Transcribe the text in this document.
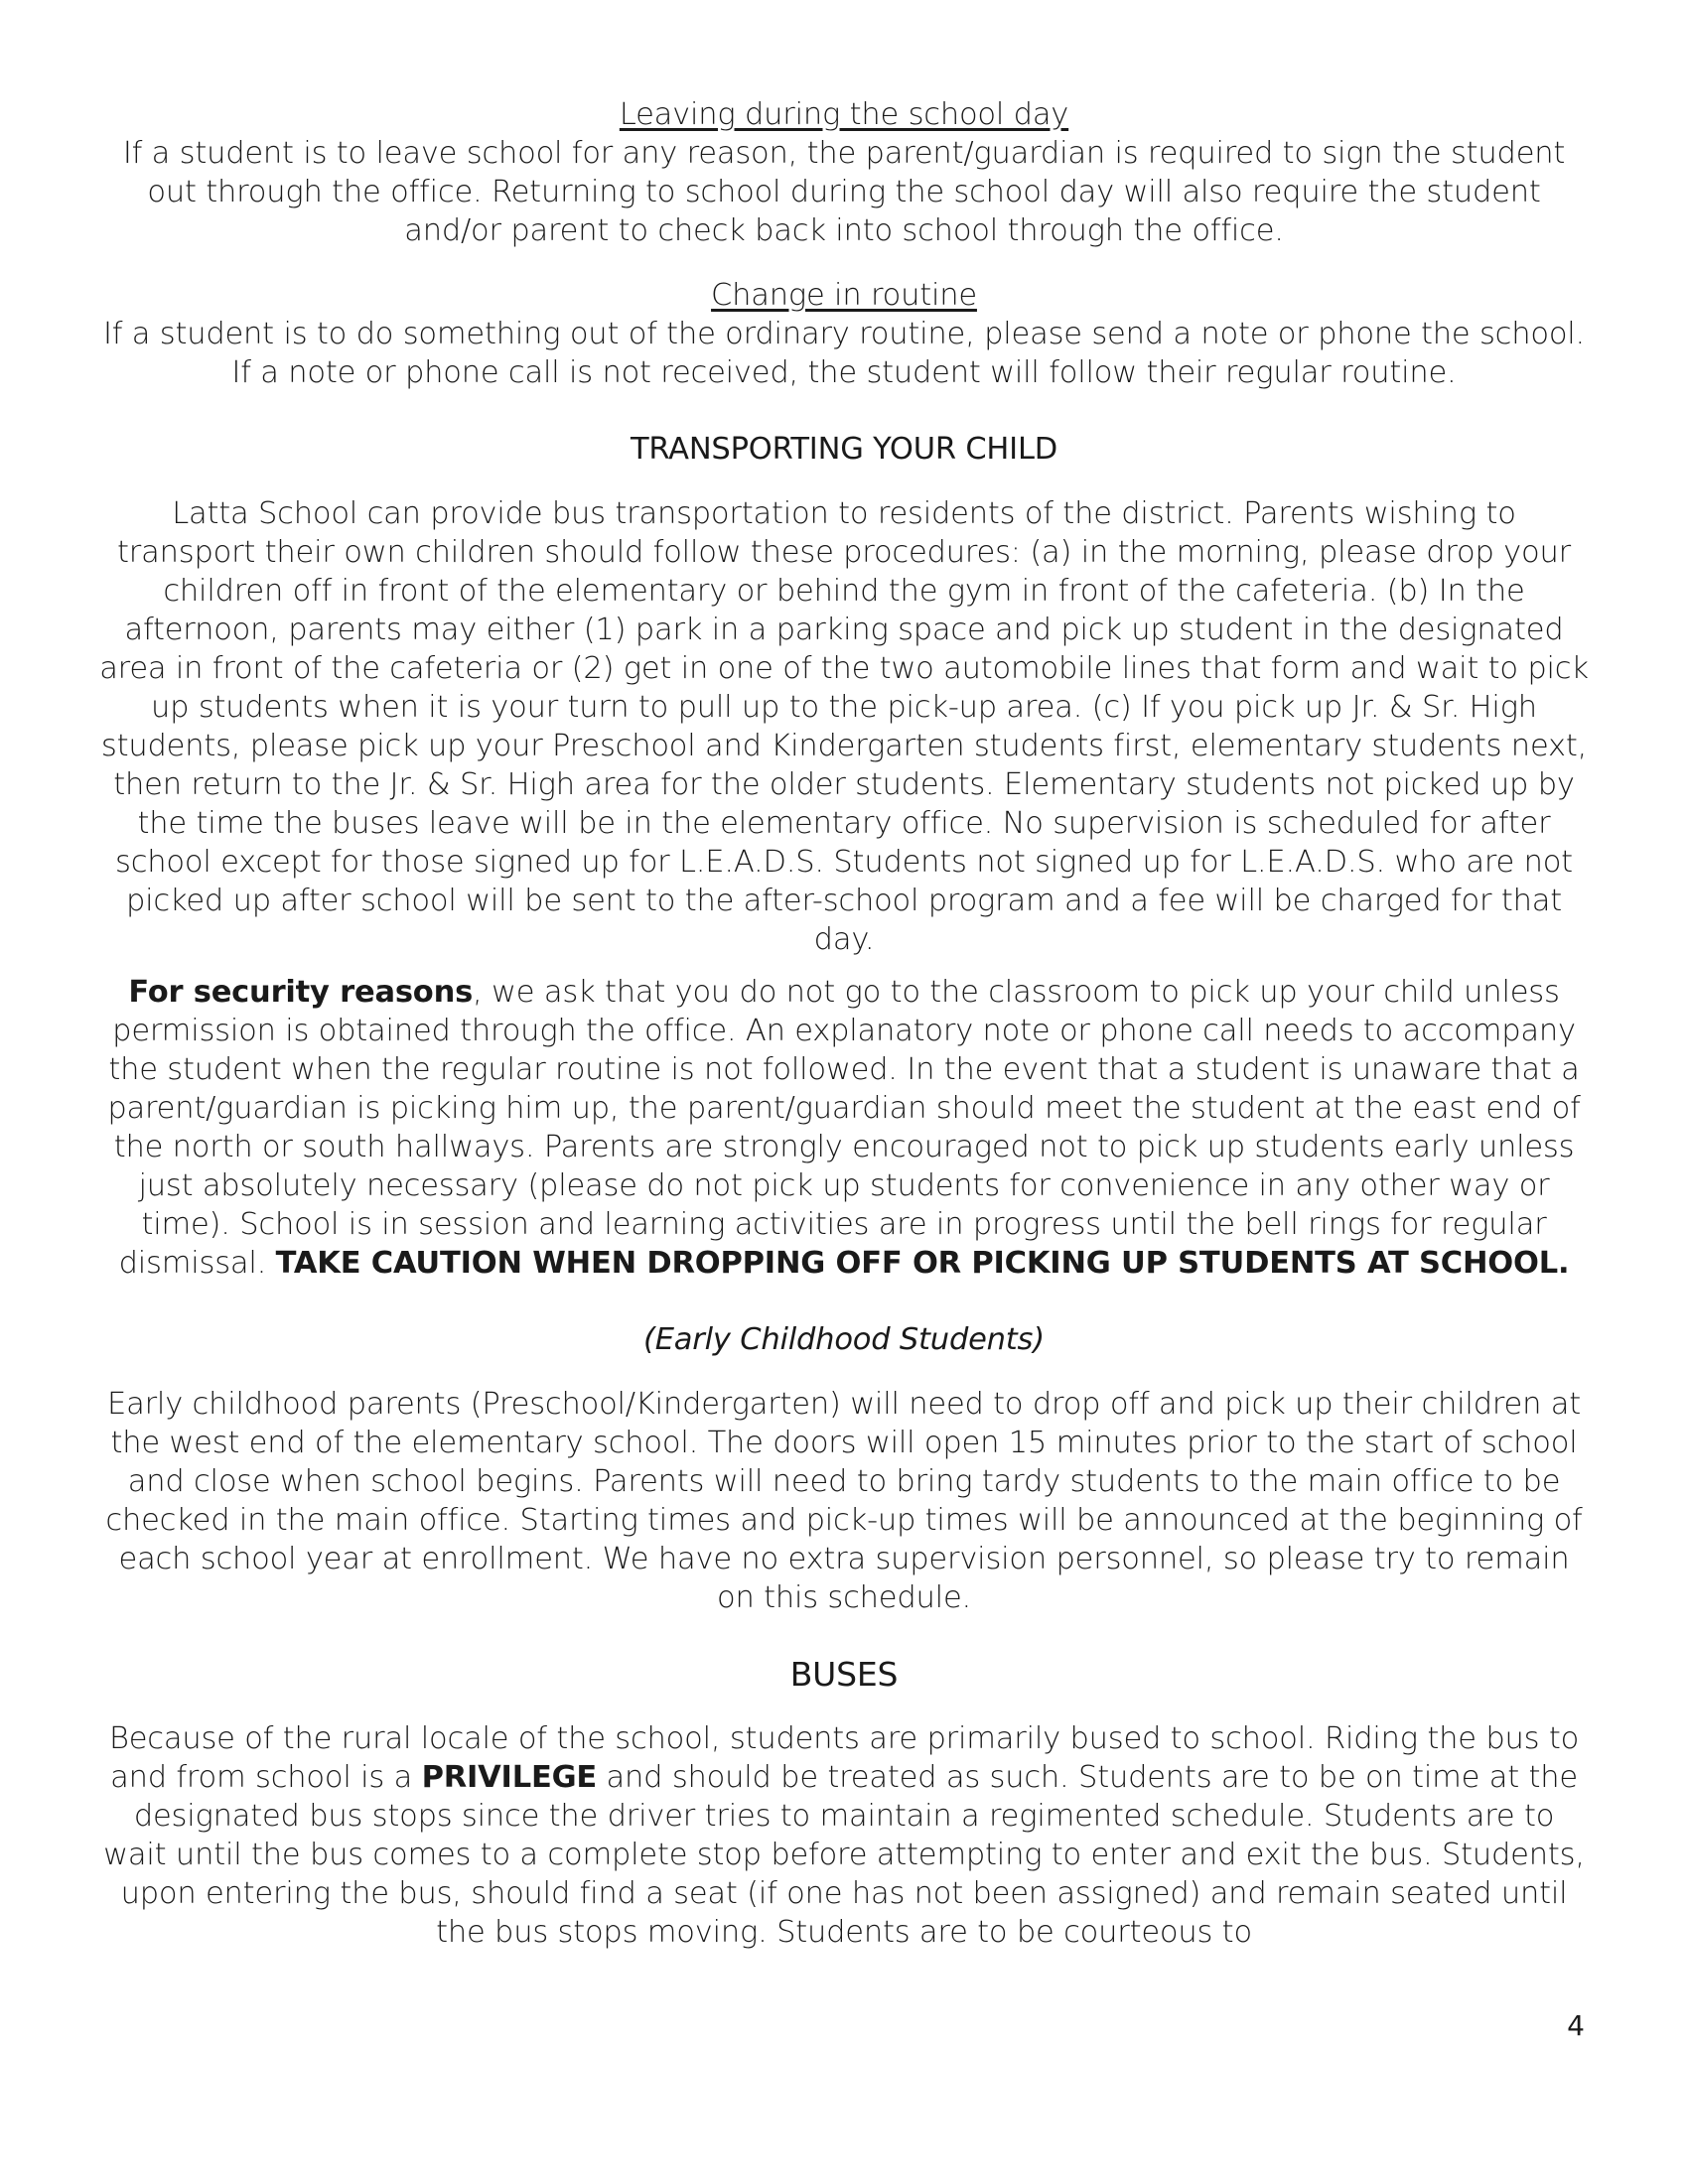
Leaving during the school day

If a student is to leave school for any reason, the parent/guardian is required to sign the student out through the office. Returning to school during the school day will also require the student and/or parent to check back into school through the office.

Change in routine

If a student is to do something out of the ordinary routine, please send a note or phone the school. If a note or phone call is not received, the student will follow their regular routine.

TRANSPORTING YOUR CHILD

Latta School can provide bus transportation to residents of the district. Parents wishing to transport their own children should follow these procedures: (a) in the morning, please drop your children off in front of the elementary or behind the gym in front of the cafeteria. (b) In the afternoon, parents may either (1) park in a parking space and pick up student in the designated area in front of the cafeteria or (2) get in one of the two automobile lines that form and wait to pick up students when it is your turn to pull up to the pick-up area. (c) If you pick up Jr. & Sr. High students, please pick up your Preschool and Kindergarten students first, elementary students next, then return to the Jr. & Sr. High area for the older students. Elementary students not picked up by the time the buses leave will be in the elementary office. No supervision is scheduled for after school except for those signed up for L.E.A.D.S. Students not signed up for L.E.A.D.S. who are not picked up after school will be sent to the after-school program and a fee will be charged for that day.

For security reasons, we ask that you do not go to the classroom to pick up your child unless permission is obtained through the office. An explanatory note or phone call needs to accompany the student when the regular routine is not followed. In the event that a student is unaware that a parent/guardian is picking him up, the parent/guardian should meet the student at the east end of the north or south hallways. Parents are strongly encouraged not to pick up students early unless just absolutely necessary (please do not pick up students for convenience in any other way or time). School is in session and learning activities are in progress until the bell rings for regular dismissal. TAKE CAUTION WHEN DROPPING OFF OR PICKING UP STUDENTS AT SCHOOL.

(Early Childhood Students)

Early childhood parents (Preschool/Kindergarten) will need to drop off and pick up their children at the west end of the elementary school. The doors will open 15 minutes prior to the start of school and close when school begins. Parents will need to bring tardy students to the main office to be checked in the main office. Starting times and pick-up times will be announced at the beginning of each school year at enrollment. We have no extra supervision personnel, so please try to remain on this schedule.

BUSES

Because of the rural locale of the school, students are primarily bused to school. Riding the bus to and from school is a PRIVILEGE and should be treated as such. Students are to be on time at the designated bus stops since the driver tries to maintain a regimented schedule. Students are to wait until the bus comes to a complete stop before attempting to enter and exit the bus. Students, upon entering the bus, should find a seat (if one has not been assigned) and remain seated until the bus stops moving. Students are to be courteous to

4
